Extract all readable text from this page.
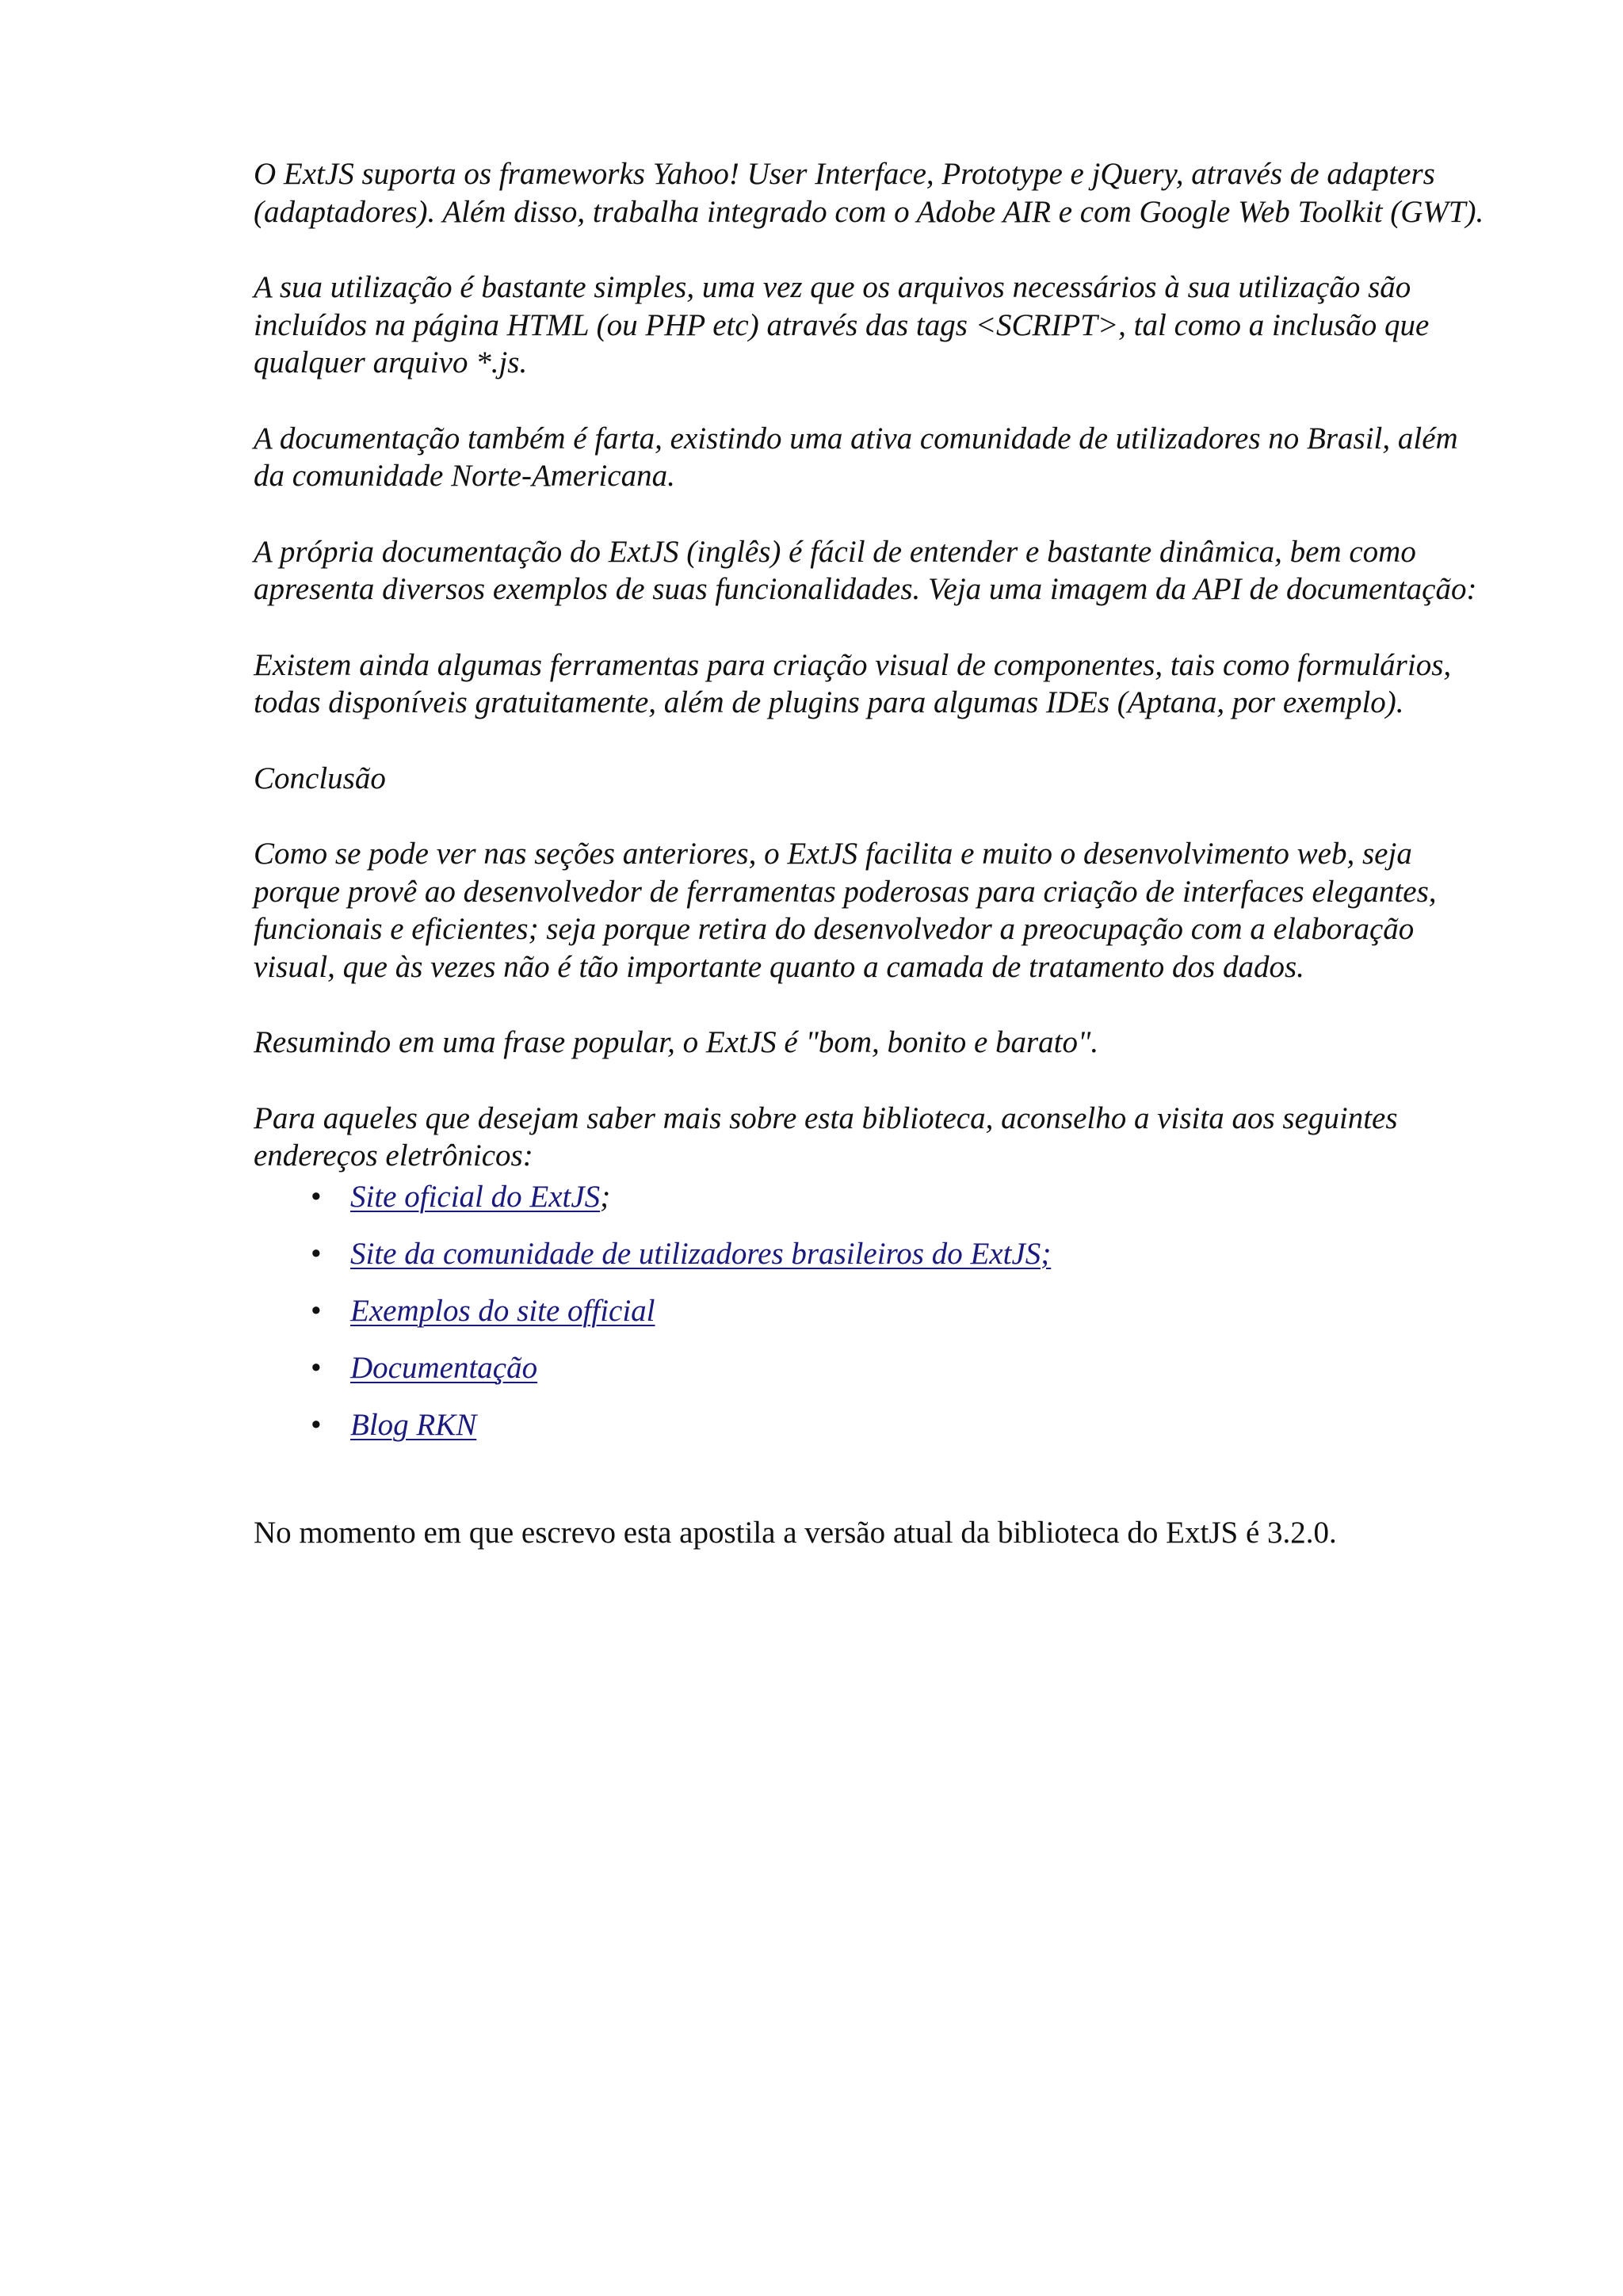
O ExtJS suporta os frameworks Yahoo! User Interface, Prototype e jQuery, através de adapters (adaptadores). Além disso, trabalha integrado com o Adobe AIR e com Google Web Toolkit (GWT).

A sua utilização é bastante simples, uma vez que os arquivos necessários à sua utilização são incluídos na página HTML (ou PHP etc) através das tags <SCRIPT>, tal como a inclusão que qualquer arquivo *.js.

A documentação também é farta, existindo uma ativa comunidade de utilizadores no Brasil, além da comunidade Norte-Americana.

A própria documentação do ExtJS (inglês) é fácil de entender e bastante dinâmica, bem como apresenta diversos exemplos de suas funcionalidades. Veja uma imagem da API de documentação:

Existem ainda algumas ferramentas para criação visual de componentes, tais como formulários, todas disponíveis gratuitamente, além de plugins para algumas IDEs (Aptana, por exemplo).

Conclusão

Como se pode ver nas seções anteriores, o ExtJS facilita e muito o desenvolvimento web, seja porque provê ao desenvolvedor de ferramentas poderosas para criação de interfaces elegantes, funcionais e eficientes; seja porque retira do desenvolvedor a preocupação com a elaboração visual, que às vezes não é tão importante quanto a camada de tratamento dos dados.

Resumindo em uma frase popular, o ExtJS é "bom, bonito e barato".

Para aqueles que desejam saber mais sobre esta biblioteca, aconselho a visita aos seguintes endereços eletrônicos:

• Site oficial do ExtJS;
• Site da comunidade de utilizadores brasileiros do ExtJS;
• Exemplos do site official
• Documentação
• Blog RKN

No momento em que escrevo esta apostila a versão atual da biblioteca do ExtJS é 3.2.0.
